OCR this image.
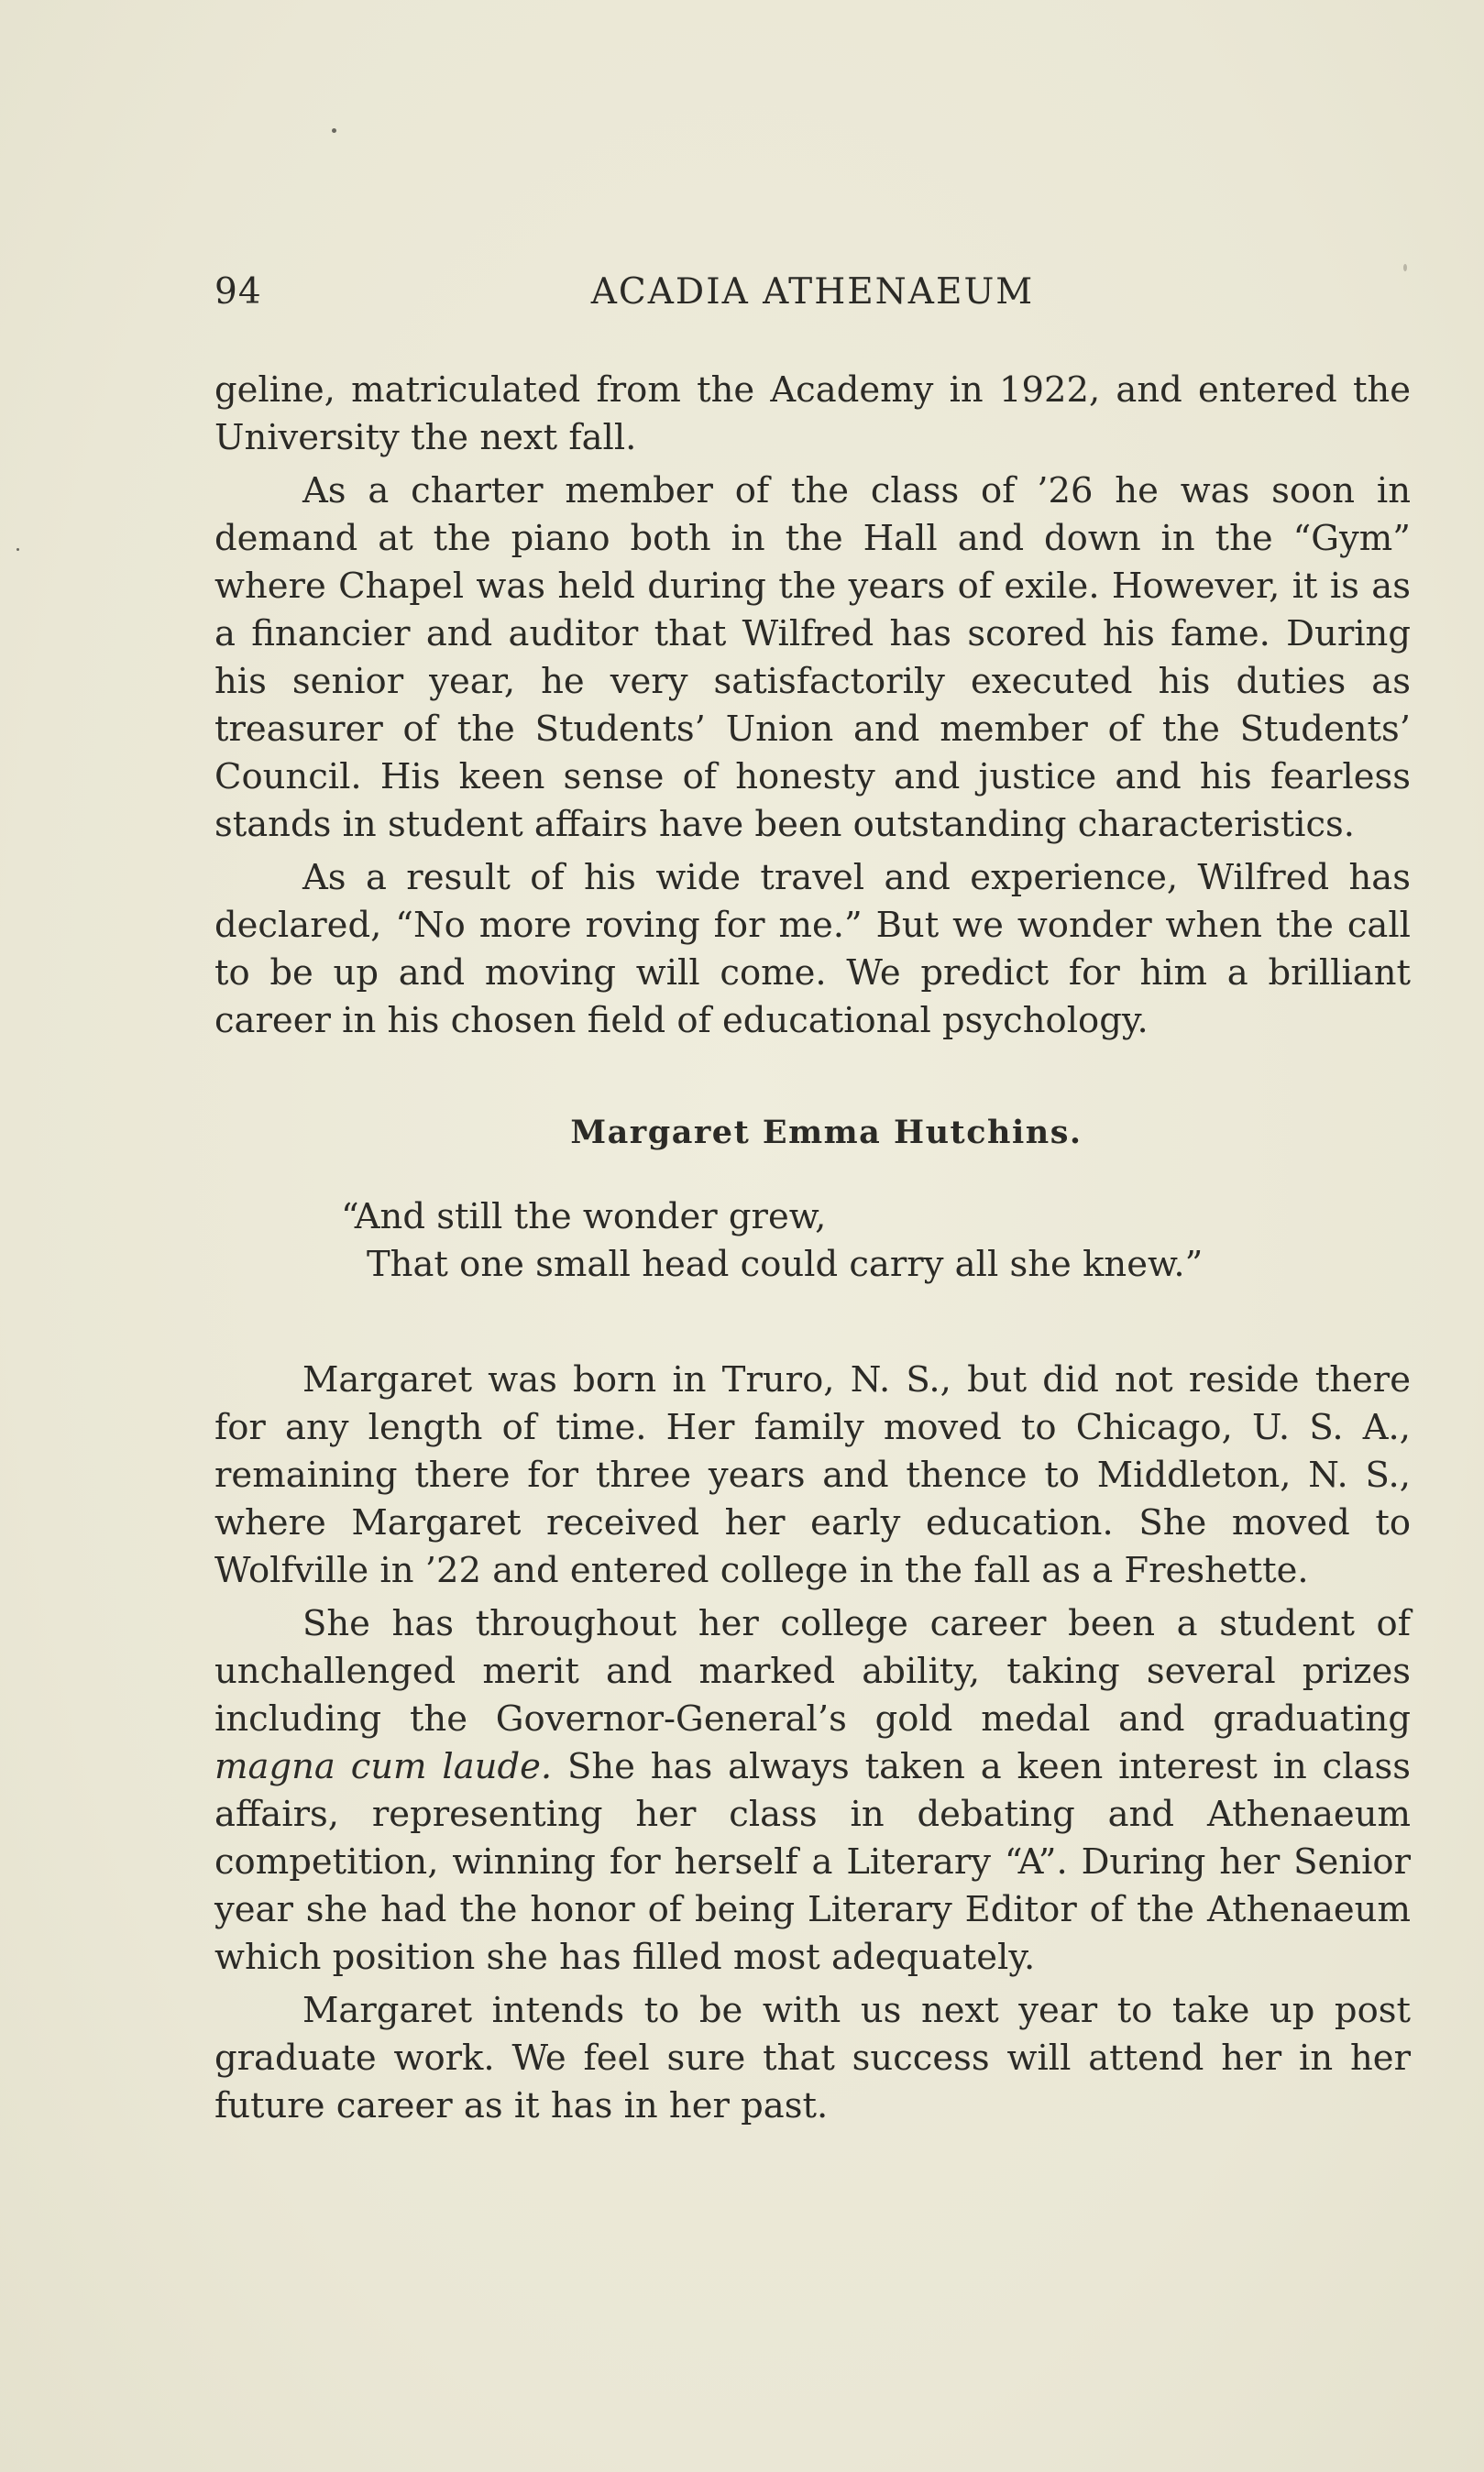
94	ACADIA ATHENAEUM

geline, matriculated from the Academy in 1922, and entered the University the next fall.

As a charter member of the class of ’26 he was soon in demand at the piano both in the Hall and down in the “Gym” where Chapel was held during the years of exile. However, it is as a financier and auditor that Wilfred has scored his fame. During his senior year, he very satisfactorily executed his duties as treasurer of the Students’ Union and member of the Students’ Council. His keen sense of honesty and justice and his fearless stands in student affairs have been outstanding characteristics.

As a result of his wide travel and experience, Wilfred has declared, “No more roving for me.” But we wonder when the call to be up and moving will come. We predict for him a brilliant career in his chosen field of educational psychology.

Margaret Emma Hutchins.
“And still the wonder grew,
That one small head could carry all she knew.”

Margaret was born in Truro, N. S., but did not reside there for any length of time. Her family moved to Chicago, U. S. A., remaining there for three years and thence to Middleton, N. S., where Margaret received her early education. She moved to Wolfville in ’22 and entered college in the fall as a Freshette.

She has throughout her college career been a student of unchallenged merit and marked ability, taking several prizes including the Governor-General’s gold medal and graduating magna cum laude. She has always taken a keen interest in class affairs, representing her class in debating and Athenaeum competition, winning for herself a Literary “A”. During her Senior year she had the honor of being Literary Editor of the Athenaeum which position she has filled most adequately.

Margaret intends to be with us next year to take up post graduate work. We feel sure that success will attend her in her future career as it has in her past.
